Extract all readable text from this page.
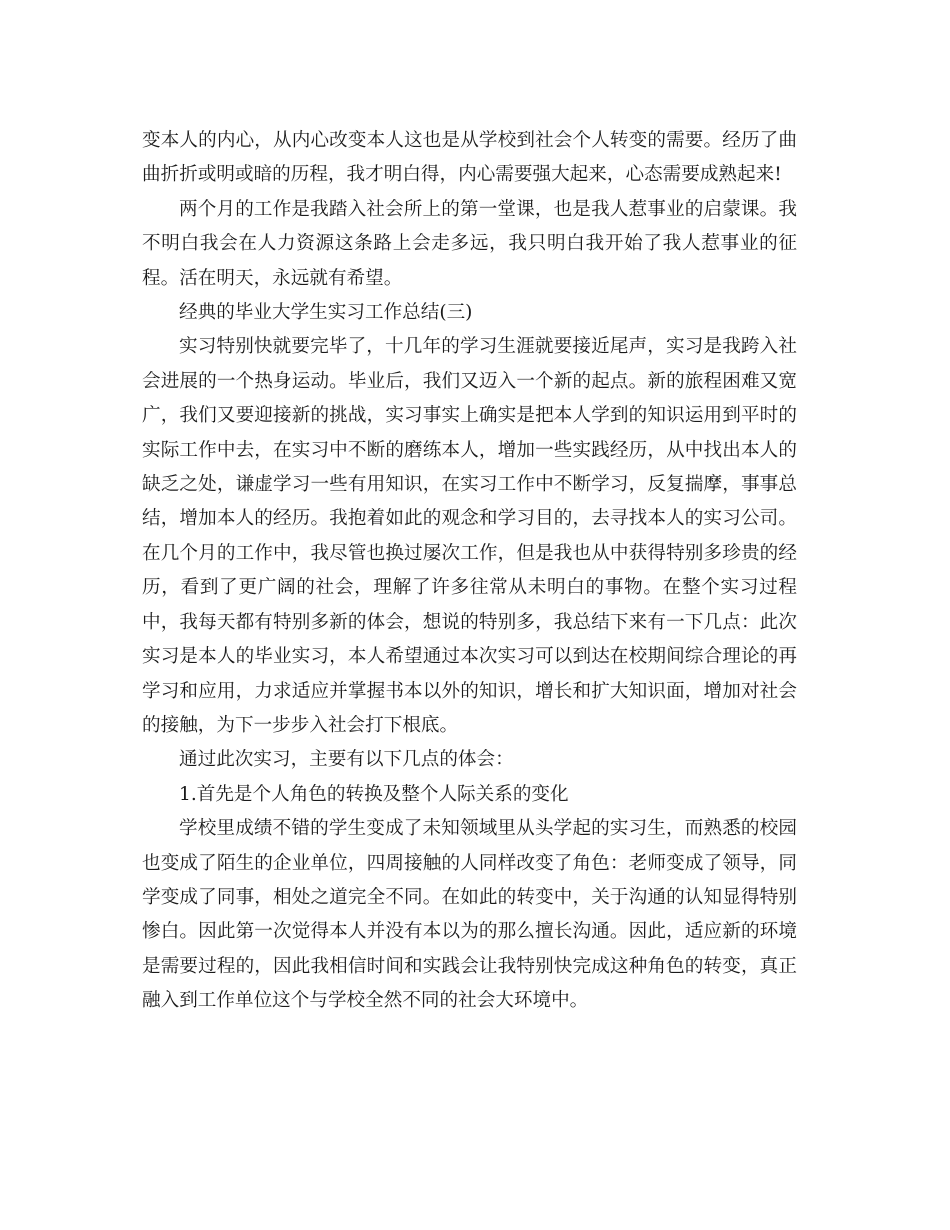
变本人的内心，从内心改变本人这也是从学校到社会个人转变的需要。经历了曲曲折折或明或暗的历程，我才明白得，内心需要强大起来，心态需要成熟起来!

两个月的工作是我踏入社会所上的第一堂课，也是我人惹事业的启蒙课。我不明白我会在人力资源这条路上会走多远，我只明白我开始了我人惹事业的征程。活在明天，永远就有希望。

经典的毕业大学生实习工作总结(三)

实习特别快就要完毕了，十几年的学习生涯就要接近尾声，实习是我跨入社会进展的一个热身运动。毕业后，我们又迈入一个新的起点。新的旅程困难又宽广，我们又要迎接新的挑战，实习事实上确实是把本人学到的知识运用到平时的实际工作中去，在实习中不断的磨练本人，增加一些实践经历，从中找出本人的缺乏之处，谦虚学习一些有用知识，在实习工作中不断学习，反复揣摩，事事总结，增加本人的经历。我抱着如此的观念和学习目的，去寻找本人的实习公司。在几个月的工作中，我尽管也换过屡次工作，但是我也从中获得特别多珍贵的经历，看到了更广阔的社会，理解了许多往常从未明白的事物。在整个实习过程中，我每天都有特别多新的体会，想说的特别多，我总结下来有一下几点：此次实习是本人的毕业实习，本人希望通过本次实习可以到达在校期间综合理论的再学习和应用，力求适应并掌握书本以外的知识，增长和扩大知识面，增加对社会的接触，为下一步步入社会打下根底。

通过此次实习，主要有以下几点的体会：

1.首先是个人角色的转换及整个人际关系的变化

学校里成绩不错的学生变成了未知领域里从头学起的实习生，而熟悉的校园也变成了陌生的企业单位，四周接触的人同样改变了角色：老师变成了领导，同学变成了同事，相处之道完全不同。在如此的转变中，关于沟通的认知显得特别惨白。因此第一次觉得本人并没有本以为的那么擅长沟通。因此，适应新的环境是需要过程的，因此我相信时间和实践会让我特别快完成这种角色的转变，真正融入到工作单位这个与学校全然不同的社会大环境中。
